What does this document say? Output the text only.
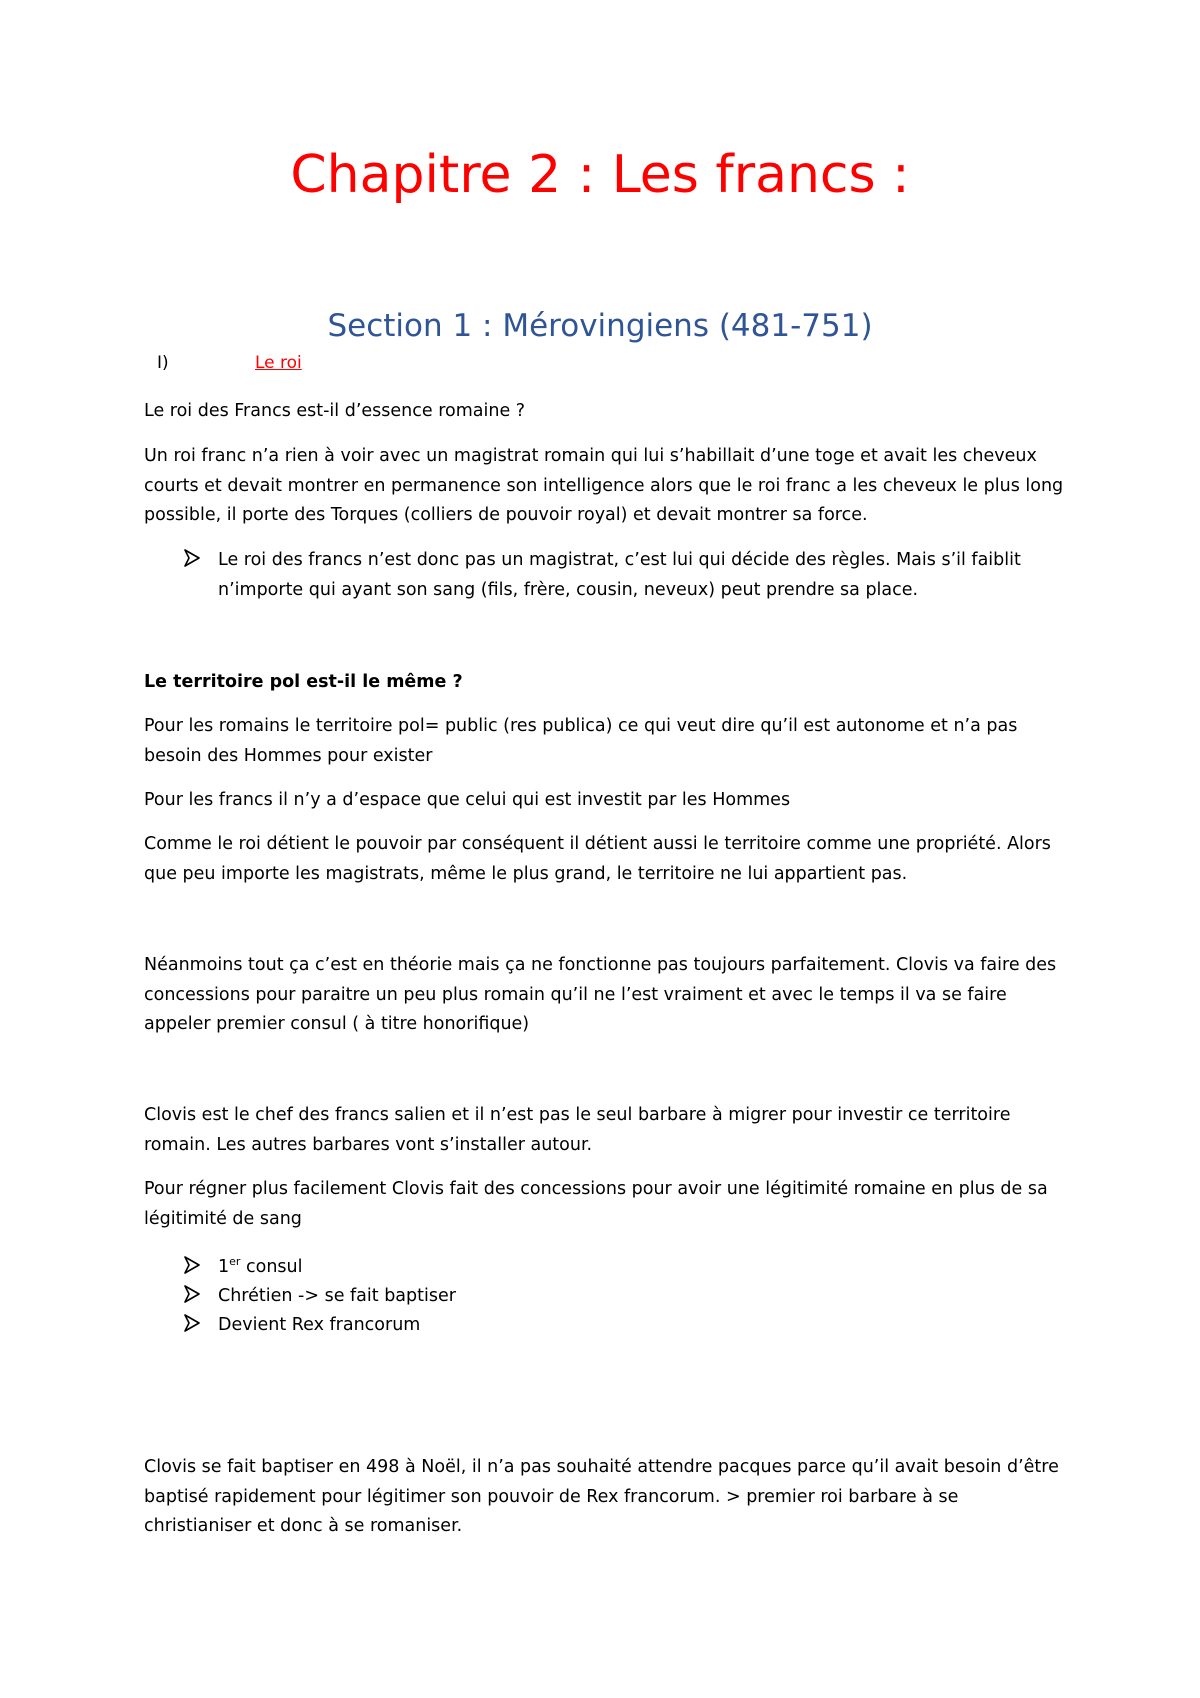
Chapitre 2 : Les francs :
Section 1 : Mérovingiens (481-751)
I)	Le roi

Le roi des Francs est-il d’essence romaine ?

Un roi franc n’a rien à voir avec un magistrat romain qui lui s’habillait d’une toge et avait les cheveux courts et devait montrer en permanence son intelligence alors que le roi franc a les cheveux le plus long possible, il porte des Torques (colliers de pouvoir royal) et devait montrer sa force.

Le roi des francs n’est donc pas un magistrat, c’est lui qui décide des règles. Mais s’il faiblit n’importe qui ayant son sang (fils, frère, cousin, neveux) peut prendre sa place.

Le territoire pol est-il le même ?

Pour les romains le territoire pol= public (res publica) ce qui veut dire qu’il est autonome et n’a pas besoin des Hommes pour exister

Pour les francs il n’y a d’espace que celui qui est investit par les Hommes

Comme le roi détient le pouvoir par conséquent il détient aussi le territoire comme une propriété. Alors que peu importe les magistrats, même le plus grand, le territoire ne lui appartient pas.

Néanmoins tout ça c’est en théorie mais ça ne fonctionne pas toujours parfaitement. Clovis va faire des concessions pour paraitre un peu plus romain qu’il ne l’est vraiment et avec le temps il va se faire appeler premier consul ( à titre honorifique)

Clovis est le chef des francs salien et il n’est pas le seul barbare à migrer pour investir ce territoire romain. Les autres barbares vont s’installer autour.

Pour régner plus facilement Clovis fait des concessions pour avoir une légitimité romaine en plus de sa légitimité de sang

1er consul
Chrétien -> se fait baptiser
Devient Rex francorum

Clovis se fait baptiser en 498 à Noël, il n’a pas souhaité attendre pacques parce qu’il avait besoin d’être baptisé rapidement pour légitimer son pouvoir de Rex francorum. > premier roi barbare à se christianiser et donc à se romaniser.
